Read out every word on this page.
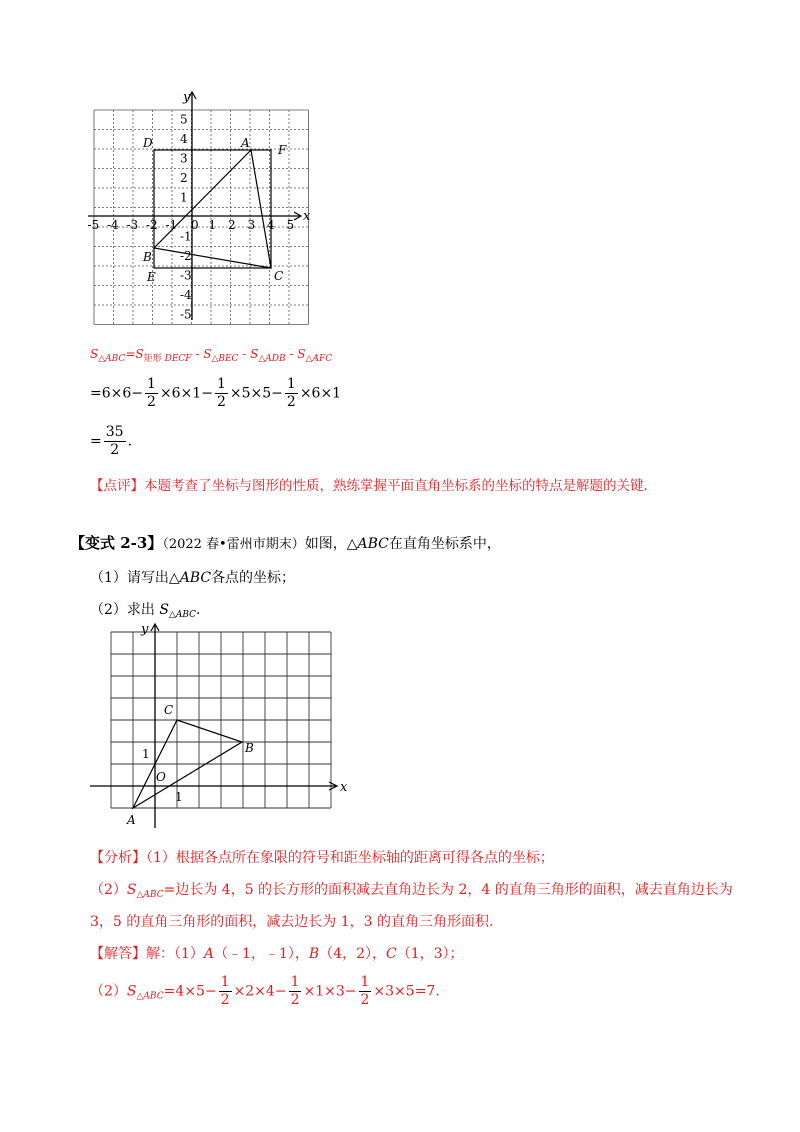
y
x
5
4
3
2
1
-1
-2
-3
-4
-5
-5 -4 -3 -2 -1 0 1 2 3 4 5
A F
D
B
E	C
$S_{\triangle ABC}=S_{矩形}$ $_{DECF} - S_{\triangle BEC} - S_{\triangle ADB} - S_{\triangle AFC}$
$=6\times 6- \frac{1}{2} \times 6\times 1- \frac{1}{2} \times 5\times 5- \frac{1}{2} \times 6\times 1$
= $\frac{35}{2}$ .
【点评】本题考查了坐标与图形的性质，熟练掌握平面直角坐标系的坐标的特点是解题的关键.
【变式 2-3】（2022 春•雷州市期末）如图，△ABC在直角坐标系中，
（1）请写出△ABC各点的坐标；
（2）求出 $S_{\triangle ABC}$.
y
x
1
1
O
A
B
C
【分析】（1）根据各点所在象限的符号和距坐标轴的距离可得各点的坐标；
$(2)S_{\triangle ABC}=$边长为 4，5 的长方形的面积减去直角边长为 2，4 的直角三角形的面积，减去直角边长为
3，5 的直角三角形的面积，减去边长为 1，3 的直角三角形面积.
【解答】解：（1）A（﹣1，﹣1），B（4，2），C（1，3）；
$(2)S_{\triangle ABC}=4\times 5- \frac{1}{2} \times 2\times 4- \frac{1}{2} \times 1\times 3- \frac{1}{2} \times 3\times 5=7$.
